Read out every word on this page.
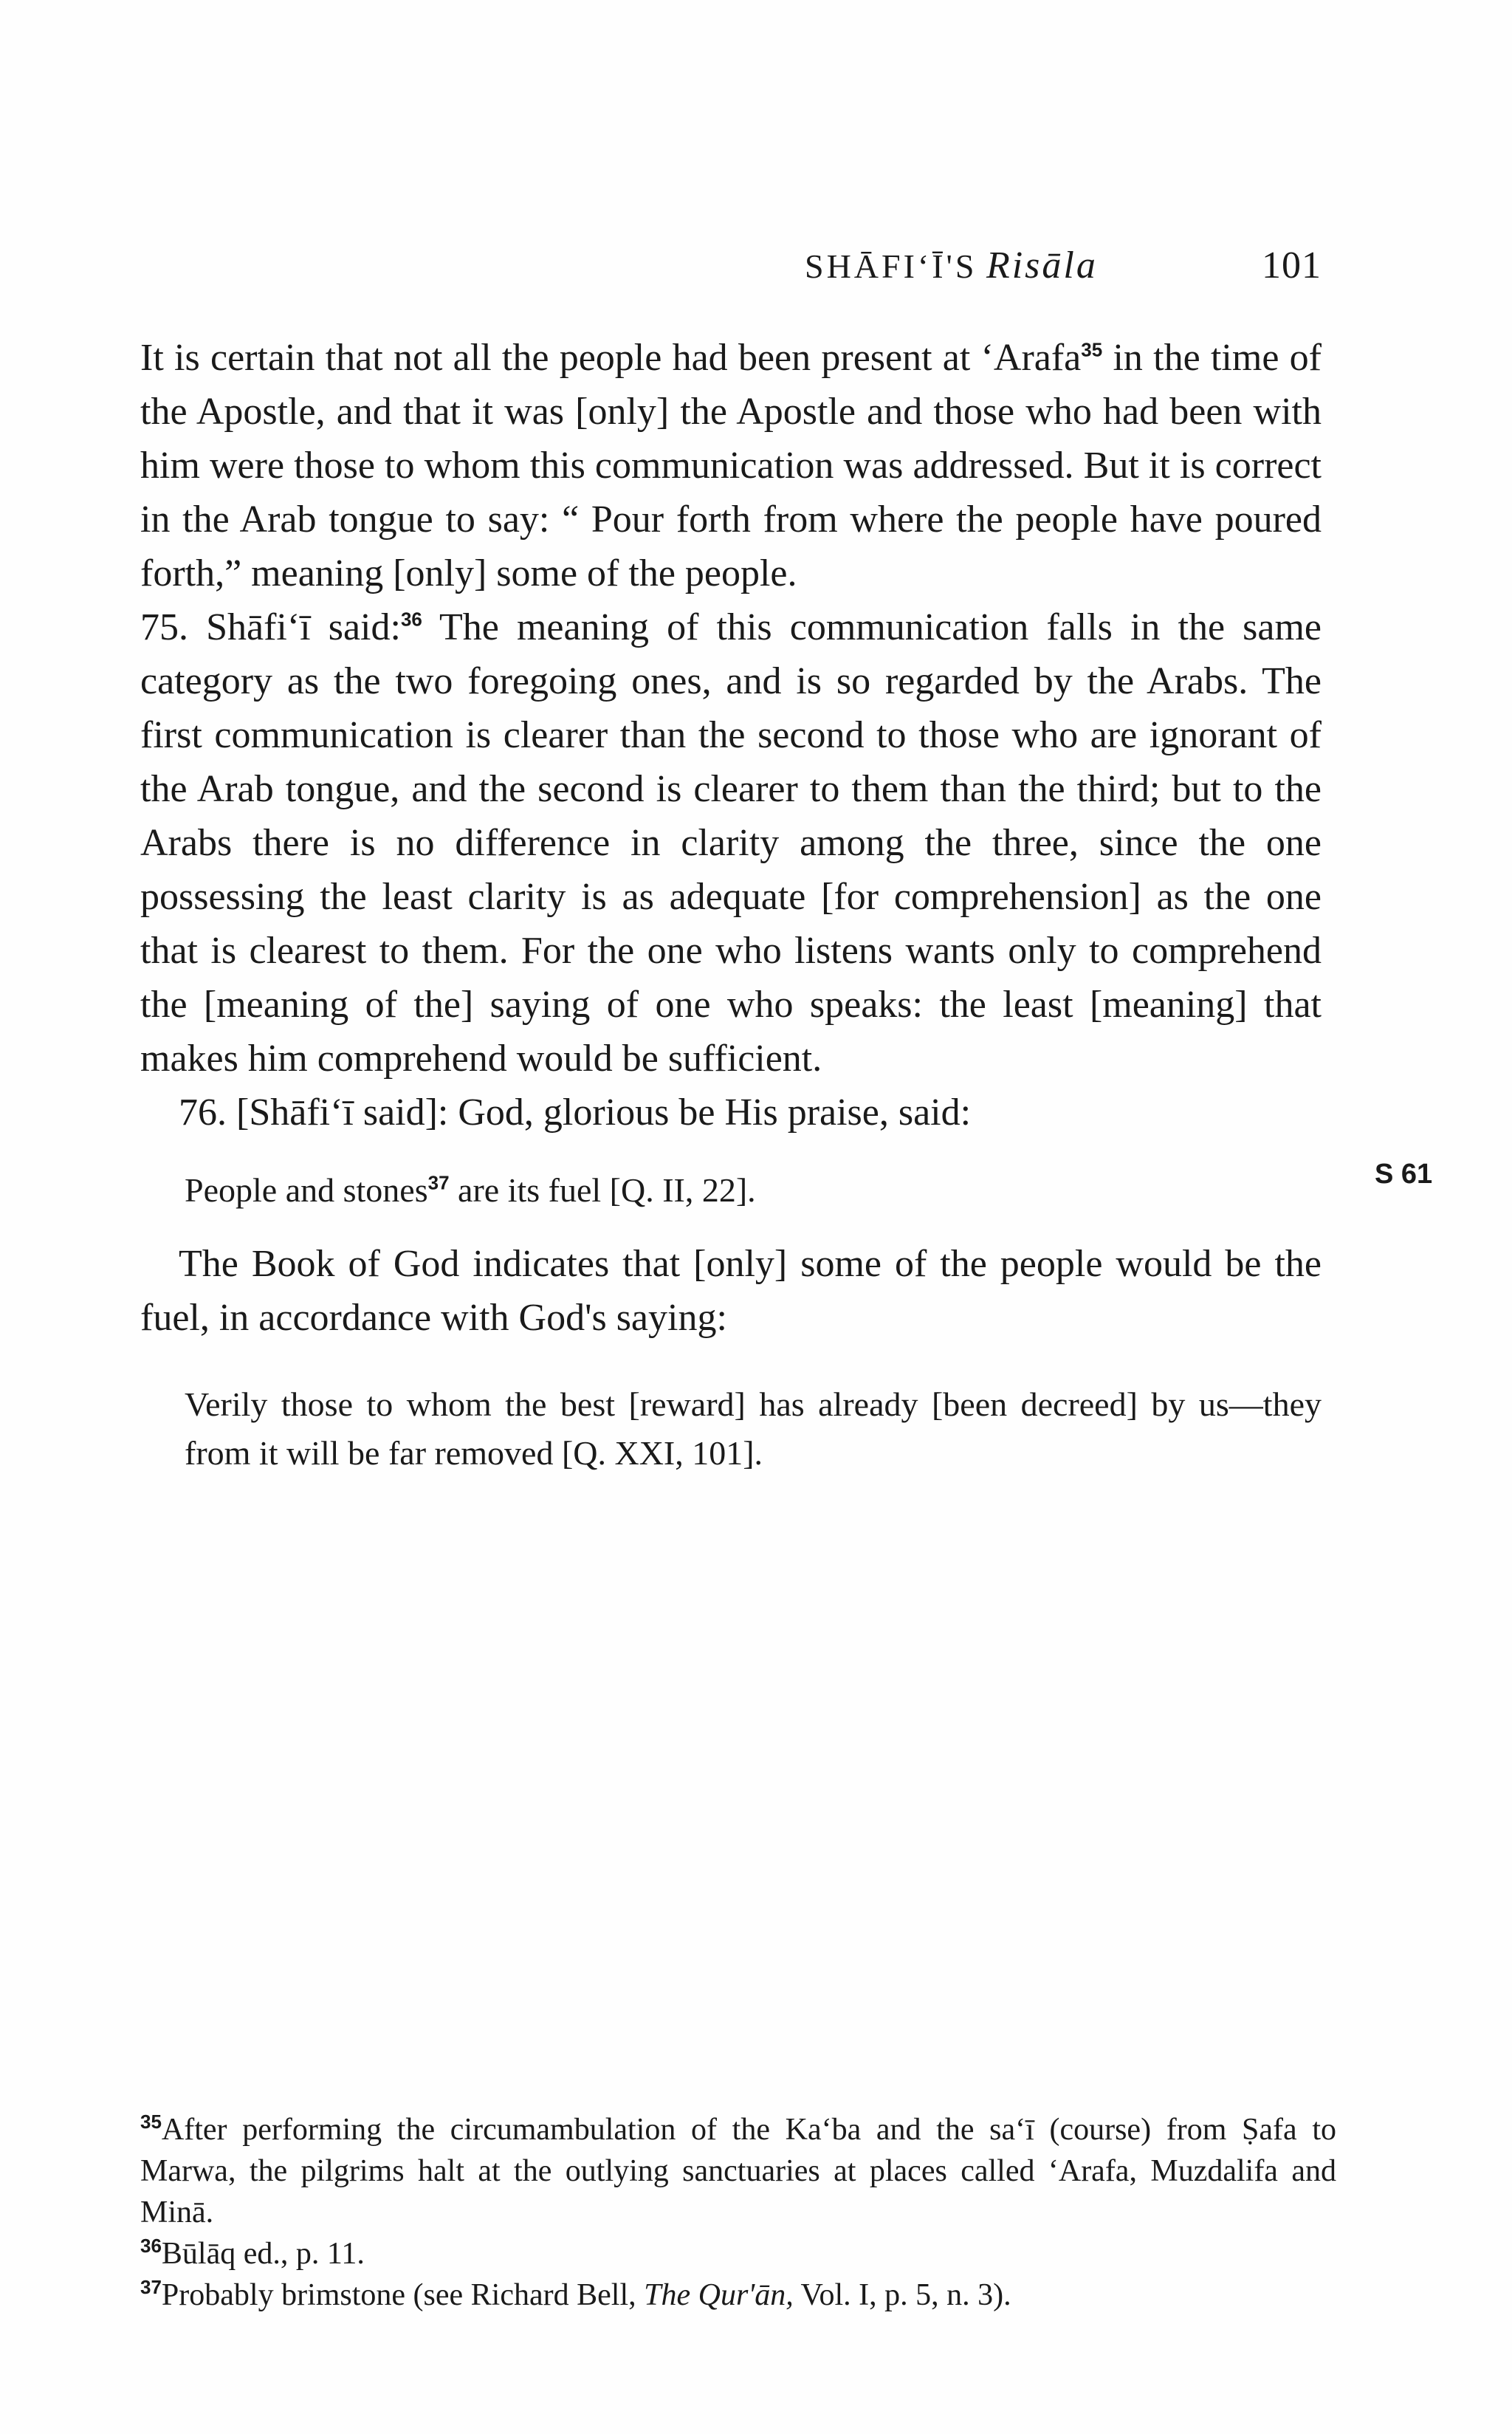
SHĀFI‘Ī'S Risāla	101

It is certain that not all the people had been present at ‘Arafa$^{35}$ in the time of the Apostle, and that it was [only] the Apostle and those who had been with him were those to whom this communication was addressed. But it is correct in the Arab tongue to say: “ Pour forth from where the people have poured forth,” meaning [only] some of the people.

75. Shāfi‘ī said:$^{36}$ The meaning of this communication falls in the same category as the two foregoing ones, and is so regarded by the Arabs. The first communication is clearer than the second to those who are ignorant of the Arab tongue, and the second is clearer to them than the third; but to the Arabs there is no difference in clarity among the three, since the one possessing the least clarity is as adequate [for comprehension] as the one that is clearest to them. For the one who listens wants only to comprehend the [meaning of the] saying of one who speaks: the least [meaning] that makes him comprehend would be sufficient.

76. [Shāfi‘ī said]: God, glorious be His praise, said:

People and stones$^{37}$ are its fuel [Q. II, 22].

The Book of God indicates that [only] some of the people would be the fuel, in accordance with God's saying:

Verily those to whom the best [reward] has already [been decreed] by us—they from it will be far removed [Q. XXI, 101].

S 61

$^{35}$After performing the circumambulation of the Ka‘ba and the sa‘ī (course) from Ṣafa to Marwa, the pilgrims halt at the outlying sanctuaries at places called ‘Arafa, Muzdalifa and Minā.

$^{36}$Būlāq ed., p. 11.

$^{37}$Probably brimstone (see Richard Bell, The Qur'ān, Vol. I, p. 5, n. 3).
